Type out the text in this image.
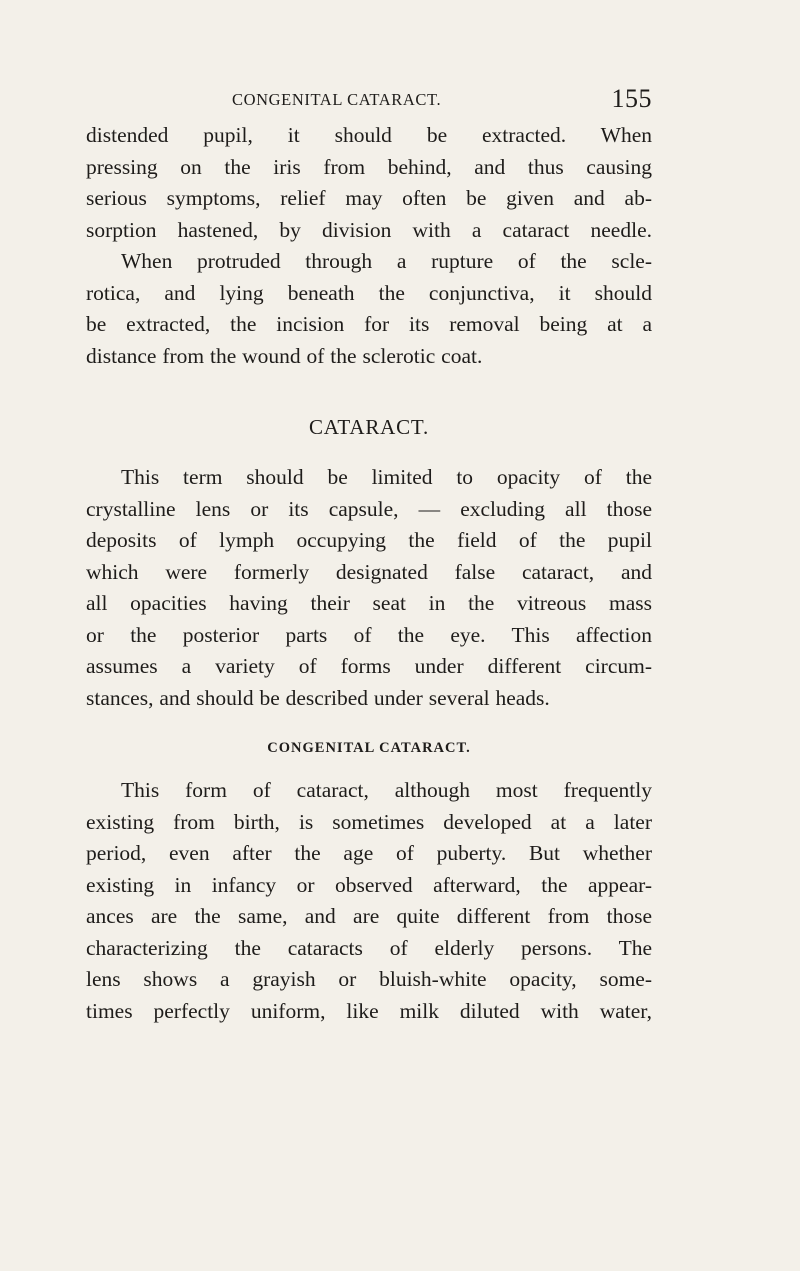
CONGENITAL CATARACT.	155

distended pupil, it should be extracted. When
pressing on the iris from behind, and thus causing
serious symptoms, relief may often be given and ab-
sorption hastened, by division with a cataract needle.
When protruded through a rupture of the scle-
rotica, and lying beneath the conjunctiva, it should
be extracted, the incision for its removal being at a
distance from the wound of the sclerotic coat.

CATARACT.

This term should be limited to opacity of the
crystalline lens or its capsule, — excluding all those
deposits of lymph occupying the field of the pupil
which were formerly designated false cataract, and
all opacities having their seat in the vitreous mass
or the posterior parts of the eye. This affection
assumes a variety of forms under different circum-
stances, and should be described under several heads.

CONGENITAL CATARACT.

This form of cataract, although most frequently
existing from birth, is sometimes developed at a later
period, even after the age of puberty. But whether
existing in infancy or observed afterward, the appear-
ances are the same, and are quite different from those
characterizing the cataracts of elderly persons. The
lens shows a grayish or bluish-white opacity, some-
times perfectly uniform, like milk diluted with water,
